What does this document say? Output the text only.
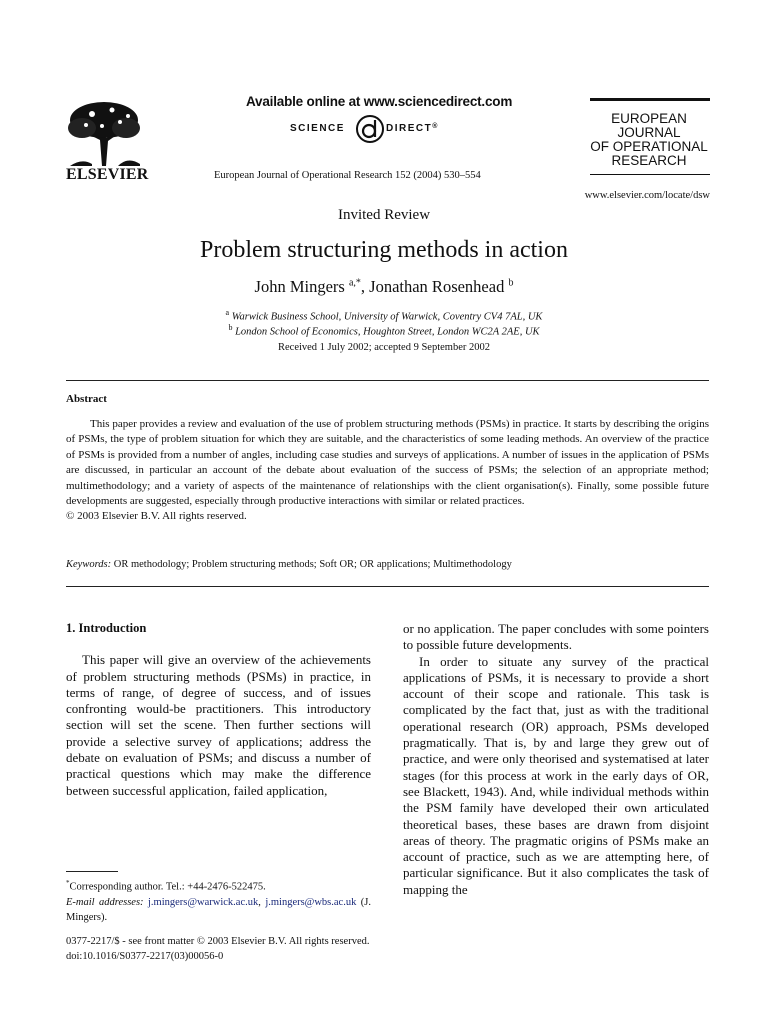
ELSEVIER
Available online at www.sciencedirect.com
SCIENCE	DIRECT®
European Journal of Operational Research 152 (2004) 530–554
EUROPEAN
JOURNAL
OF OPERATIONAL
RESEARCH
www.elsevier.com/locate/dsw
Invited Review
Problem structuring methods in action
John Mingers $^{a,*}$, Jonathan Rosenhead $^b$
$^a$ Warwick Business School, University of Warwick, Coventry CV4 7AL, UK
$^b$ London School of Economics, Houghton Street, London WC2A 2AE, UK
Received 1 July 2002; accepted 9 September 2002
Abstract

This paper provides a review and evaluation of the use of problem structuring methods (PSMs) in practice. It starts by describing the origins of PSMs, the type of problem situation for which they are suitable, and the characteristics of some leading methods. An overview of the practice of PSMs is provided from a number of angles, including case studies and surveys of applications. A number of issues in the application of PSMs are discussed, in particular an account of the debate about evaluation of the success of PSMs; the selection of an appropriate method; multimethodology; and a variety of aspects of the maintenance of relationships with the client organisation(s). Finally, some possible future developments are suggested, especially through productive interactions with similar or related practices.

© 2003 Elsevier B.V. All rights reserved.

Keywords: OR methodology; Problem structuring methods; Soft OR; OR applications; Multimethodology
1. Introduction

This paper will give an overview of the achievements of problem structuring methods (PSMs) in practice, in terms of range, of degree of success, and of issues confronting would-be practitioners. This introductory section will set the scene. Then further sections will provide a selective survey of applications; address the debate on evaluation of PSMs; and discuss a number of practical questions which may make the difference between successful application, failed application,

*Corresponding author. Tel.: +44-2476-522475.
E-mail addresses: j.mingers@warwick.ac.uk, j.mingers@wbs.ac.uk (J. Mingers).

or no application. The paper concludes with some pointers to possible future developments.

In order to situate any survey of the practical applications of PSMs, it is necessary to provide a short account of their scope and rationale. This task is complicated by the fact that, just as with the traditional operational research (OR) approach, PSMs developed pragmatically. That is, by and large they grew out of practice, and were only theorised and systematised at later stages (for this process at work in the early days of OR, see Blackett, 1943). And, while individual methods within the PSM family have developed their own articulated theoretical bases, these bases are drawn from disjoint areas of theory. The pragmatic origins of PSMs make an account of practice, such as we are attempting here, of particular significance. But it also complicates the task of mapping the

0377-2217/$ - see front matter © 2003 Elsevier B.V. All rights reserved.
doi:10.1016/S0377-2217(03)00056-0
